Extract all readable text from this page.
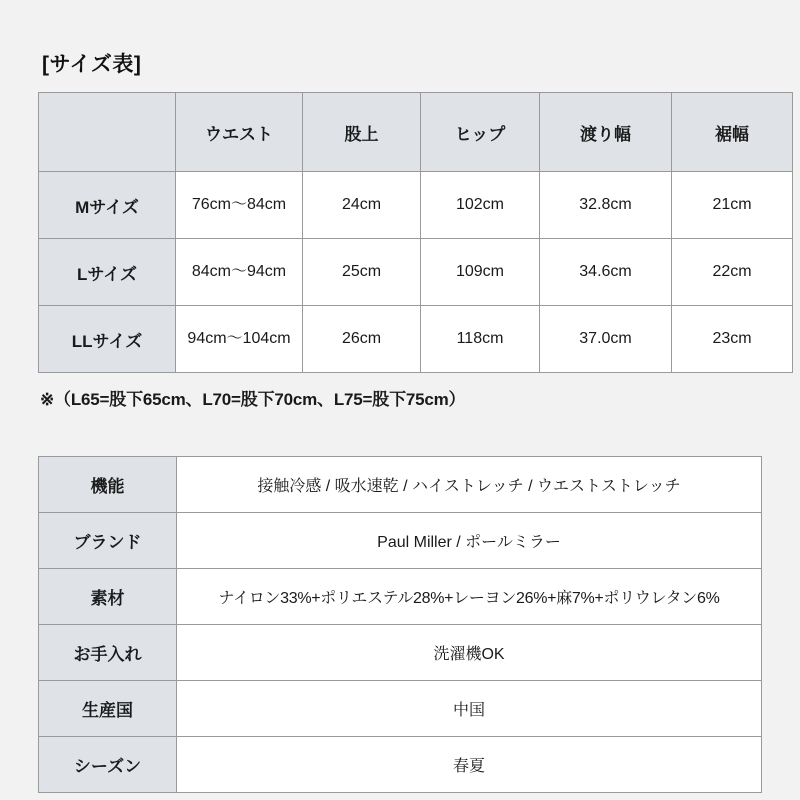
[サイズ表]
	ウエスト	股上	ヒップ	渡り幅	裾幅
Mサイズ	76cm〜84cm	24cm	102cm	32.8cm	21cm
Lサイズ	84cm〜94cm	25cm	109cm	34.6cm	22cm
LLサイズ	94cm〜104cm	26cm	118cm	37.0cm	23cm
※（L65=股下65cm、L70=股下70cm、L75=股下75cm）
機能	接触冷感 / 吸水速乾 / ハイストレッチ / ウエストストレッチ
ブランド	Paul Miller / ポールミラー
素材	ナイロン33%+ポリエステル28%+レーヨン26%+麻7%+ポリウレタン6%
お手入れ	洗濯機OK
生産国	中国
シーズン	春夏
